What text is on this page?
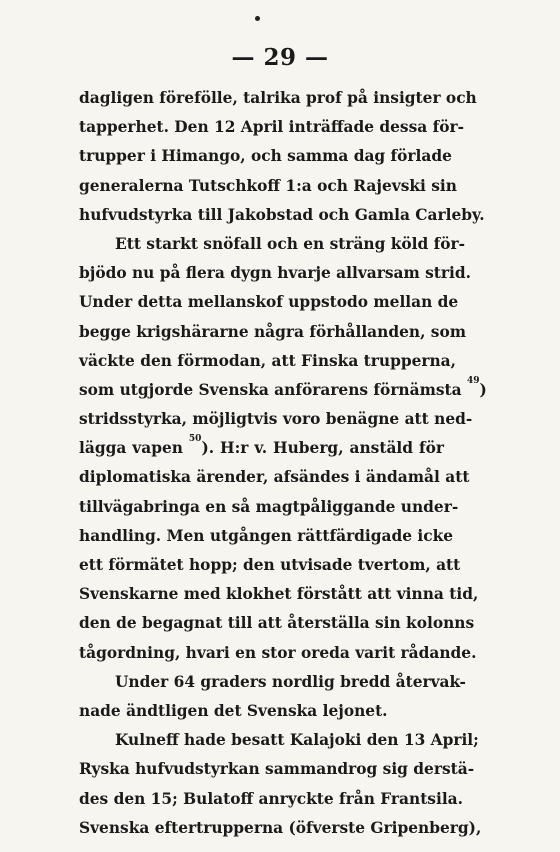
— 29 —
dagligen förefölle, talrika prof på insigter och
tapperhet. Den 12 April inträffade dessa för-
trupper i Himango, och samma dag förlade
generalerna Tutschkoff 1:a och Rajevski sin
hufvudstyrka till Jakobstad och Gamla Carleby.
Ett starkt snöfall och en sträng köld för-
bjödo nu på flera dygn hvarje allvarsam strid.
Under detta mellanskof uppstodo mellan de
begge krigshärarne några förhållanden, som
väckte den förmodan, att Finska trupperna,
som utgjorde Svenska anförarens förnämsta $^{49}$)
stridsstyrka, möjligtvis voro benägne att ned-
lägga vapen $^{50}$). H:r v. Huberg, anstäld för
diplomatiska ärender, afsändes i ändamål att
tillvägabringa en så magtpåliggande under-
handling. Men utgången rättfärdigade icke
ett förmätet hopp; den utvisade tvertom, att
Svenskarne med klokhet förstått att vinna tid,
den de begagnat till att återställa sin kolonns
tågordning, hvari en stor oreda varit rådande.
Under 64 graders nordlig bredd återvak-
nade ändtligen det Svenska lejonet.
Kulneff hade besatt Kalajoki den 13 April;
Ryska hufvudstyrkan sammandrog sig derstä-
des den 15; Bulatoff anryckte från Frantsila.
Svenska eftertrupperna (öfverste Gripenberg),
